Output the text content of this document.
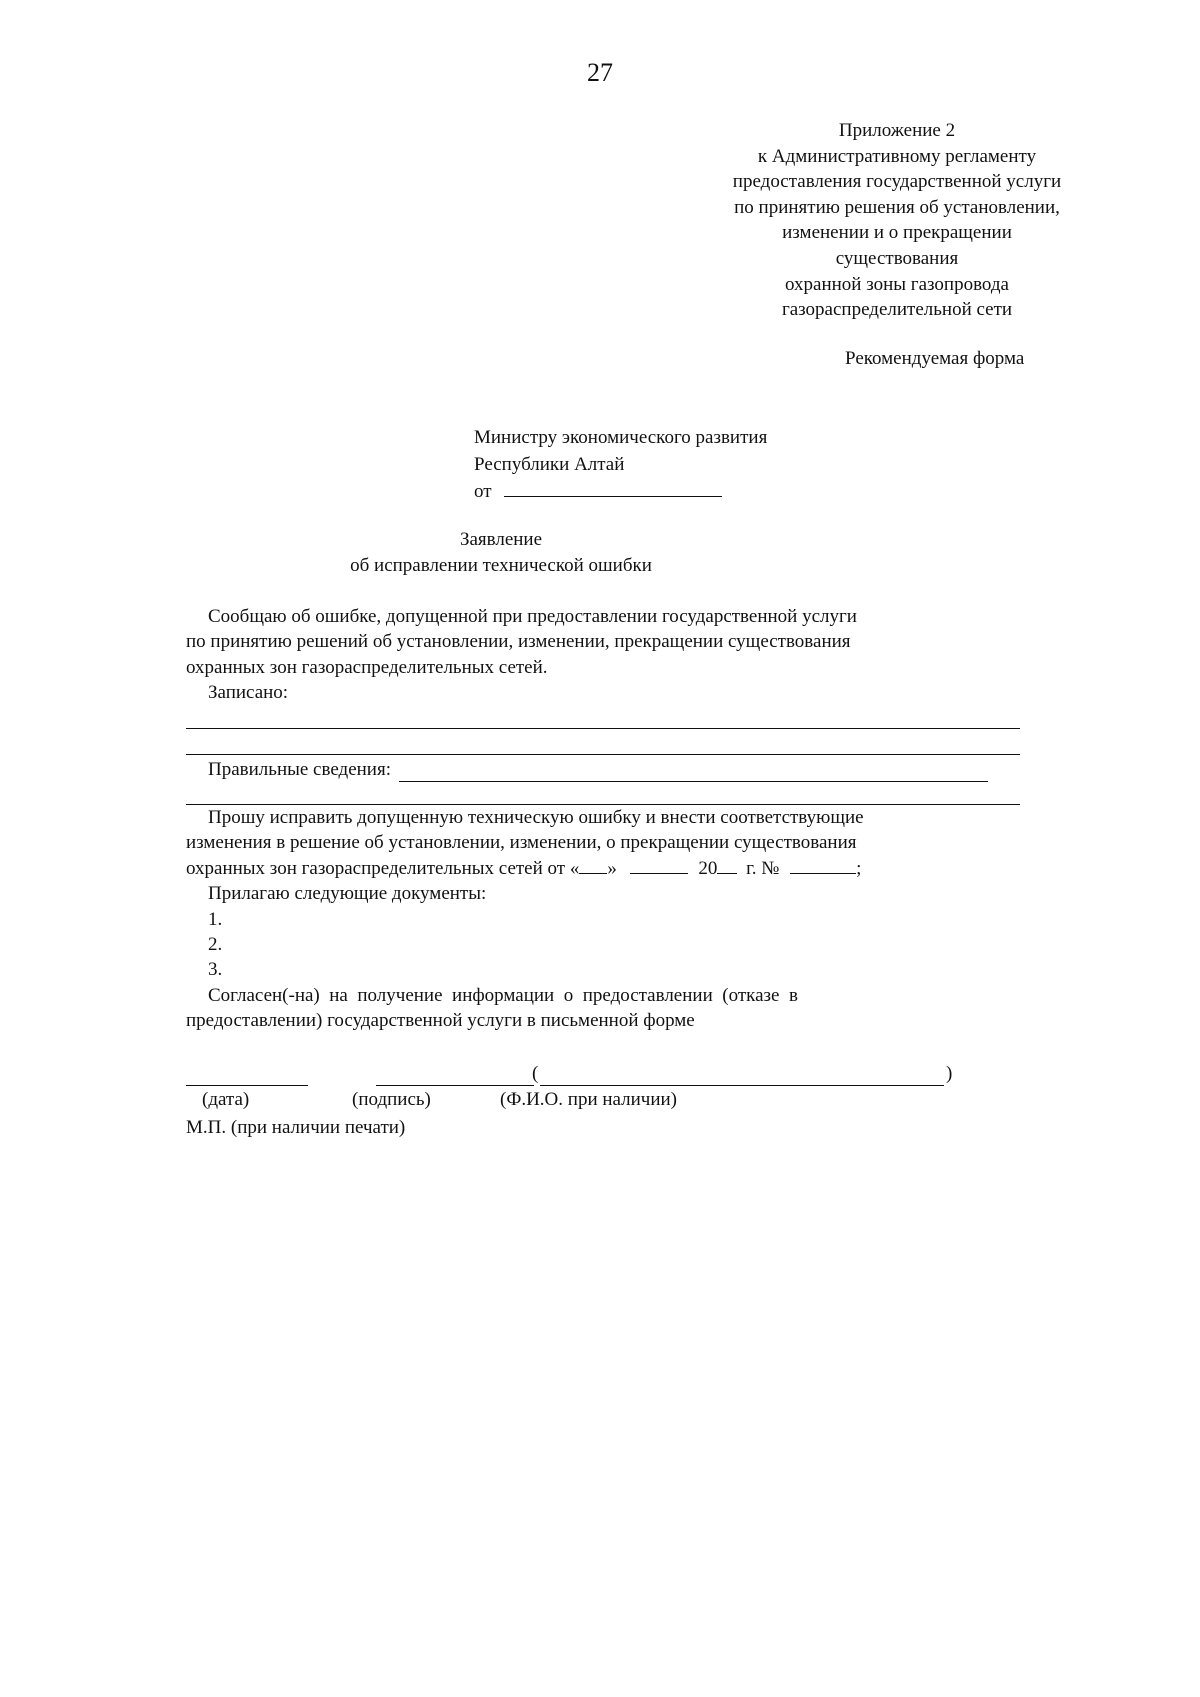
27
Приложение 2
к Административному регламенту
предоставления государственной услуги
по принятию решения об установлении,
изменении и о прекращении
существования
охранной зоны газопровода
газораспределительной сети
Рекомендуемая форма
Министру экономического развития
Республики Алтай
от
Заявление
об исправлении технической ошибки

Сообщаю об ошибке, допущенной при предоставлении государственной услуги

по принятию решений об установлении, изменении, прекращении существования

охранных зон газораспределительных сетей.

Записано:

Правильные сведения:

Прошу исправить допущенную техническую ошибку и внести соответствующие

изменения в решение об установлении, изменении, о прекращении существования

охранных зон газораспределительных сетей от « »	20 г. №	;

Прилагаю следующие документы:

1.

2.

3.

Согласен(-на)  на  получение  информации  о  предоставлении  (отказе  в

предоставлении) государственной услуги в письменной форме

(	)
(дата)	(подпись)	(Ф.И.О. при наличии)
М.П. (при наличии печати)
